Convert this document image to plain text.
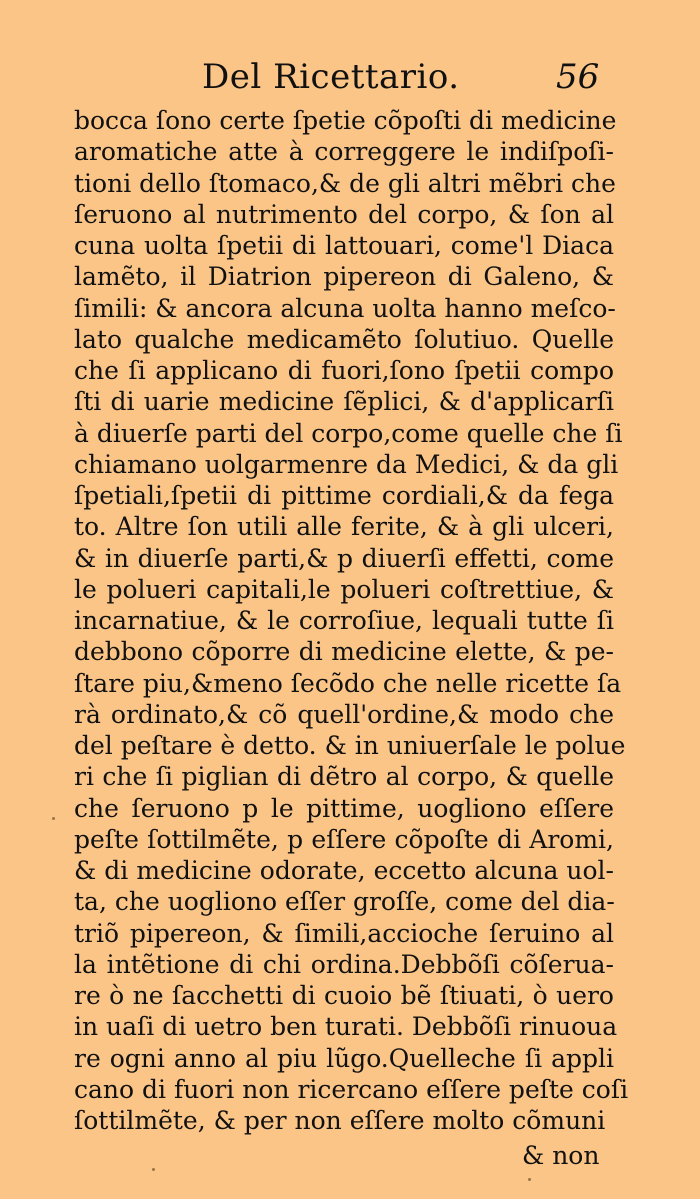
Del Ricettario.	56
bocca ſono certe ſpetie cõpoſti di medicine
aromatiche atte à correggere le indiſpoſi-
tioni dello ſtomaco,& de gli altri mẽbri che
ſeruono al nutrimento del corpo, & ſon al
cuna uolta ſpetii di lattouari, come'l Diaca
lamẽto, il Diatrion pipereon di Galeno, &
ſimili: & ancora alcuna uolta hanno meſco-
lato qualche medicamẽto ſolutiuo. Quelle
che ſi applicano di fuori,ſono ſpetii compo
ſti di uarie medicine ſẽplici, & d'applicarſi
à diuerſe parti del corpo,come quelle che ſi
chiamano uolgarmenre da Medici, & da gli
ſpetiali,ſpetii di pittime cordiali,& da fega
to. Altre ſon utili alle ferite, & à gli ulceri,
& in diuerſe parti,& p diuerſi effetti, come
le polueri capitali,le polueri coſtrettiue, &
incarnatiue, & le corroſiue, lequali tutte ſi
debbono cõporre di medicine elette, & pe-
ſtare piu,&meno ſecõdo che nelle ricette ſa
rà ordinato,& cõ quell'ordine,& modo che
del peſtare è detto. & in uniuerſale le polue
ri che ſi piglian di dẽtro al corpo, & quelle
che ſeruono p le pittime, uogliono eſſere
peſte ſottilmẽte, p eſſere cõpoſte di Aromi,
& di medicine odorate, eccetto alcuna uol-
ta, che uogliono eſſer groſſe, come del dia-
triõ pipereon, & ſimili,accioche ſeruino al
la intẽtione di chi ordina.Debbõſi cõſerua-
re ò ne ſacchetti di cuoio bẽ ſtiuati, ò uero
in uaſi di uetro ben turati. Debbõſi rinuoua
re ogni anno al piu lũgo.Quelleche ſi appli
cano di fuori non ricercano eſſere peſte coſi
ſottilmẽte, & per non eſſere molto cõmuni
& non
